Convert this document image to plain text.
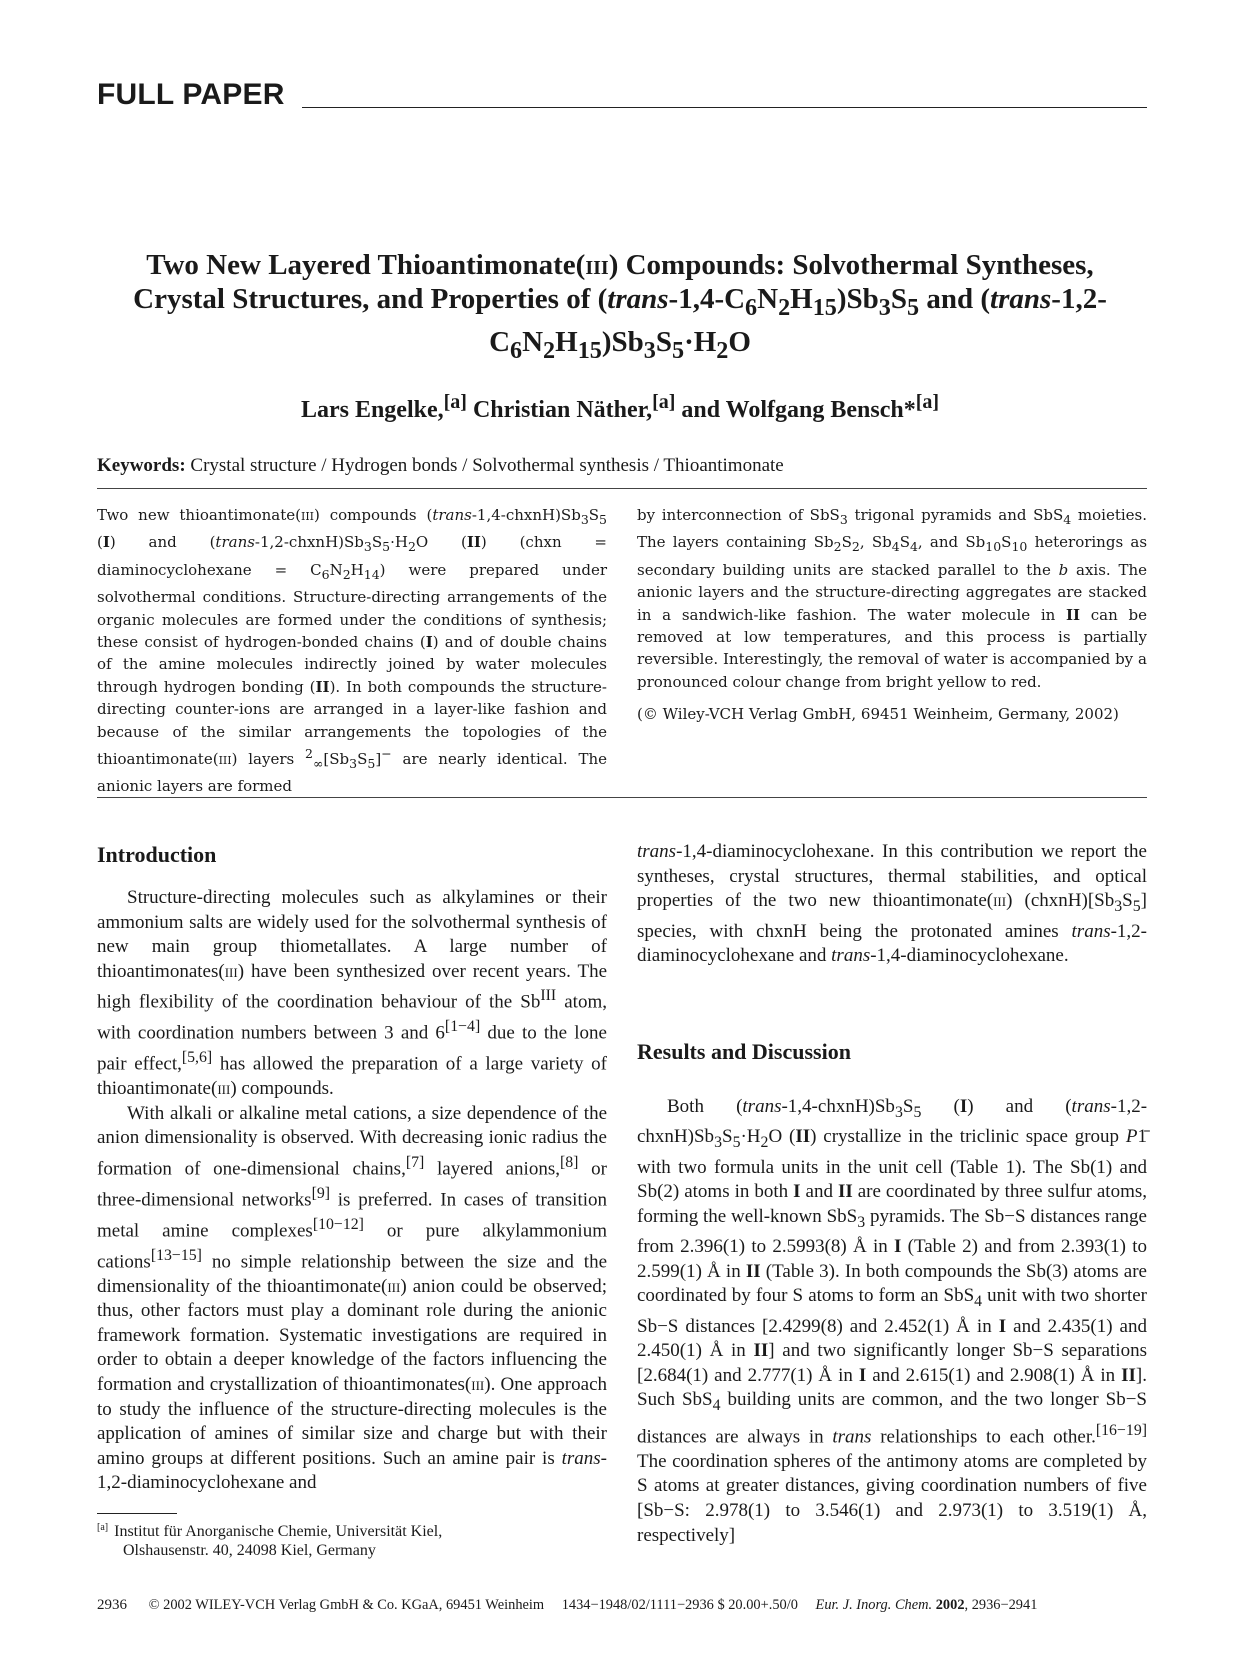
FULL PAPER
Two New Layered Thioantimonate(iii) Compounds: Solvothermal Syntheses,
Crystal Structures, and Properties of $(trans-1,4-C_6N_2H_{15})Sb_3S_5$ and (trans-1,2-
$C_6N_2H_{15})Sb_3S_5\cdot H_2O$
Lars Engelke,[a] Christian Näther,[a] and Wolfgang Bensch*[a]
Keywords: Crystal structure / Hydrogen bonds / Solvothermal synthesis / Thioantimonate

Two new thioantimonate(iii) compounds $(trans-1,4-chxnH)Sb_3S_5$ (I) and $(trans-1,2-chxnH)Sb_3S_5\cdot H_2O$ (II) (chxn = diaminocyclohexane = $C_6N_2H_{14}$) were prepared under solvothermal conditions. Structure-directing arrangements of the organic molecules are formed under the conditions of synthesis; these consist of hydrogen-bonded chains (I) and of double chains of the amine molecules indirectly joined by water molecules through hydrogen bonding (II). In both compounds the structure-directing counter-ions are arranged in a layer-like fashion and because of the similar arrangements the topologies of the thioantimonate(iii) layers $^2_\infty[Sb_3S_5]^-$ are nearly identical. The anionic layers are formed

by interconnection of SbS$_3$ trigonal pyramids and SbS$_4$ moieties. The layers containing $Sb_2S_2$, $Sb_4S_4$, and $Sb_{10}S_{10}$ heterorings as secondary building units are stacked parallel to the b axis. The anionic layers and the structure-directing aggregates are stacked in a sandwich-like fashion. The water molecule in II can be removed at low temperatures, and this process is partially reversible. Interestingly, the removal of water is accompanied by a pronounced colour change from bright yellow to red.

(© Wiley-VCH Verlag GmbH, 69451 Weinheim, Germany, 2002)

Introduction

Structure-directing molecules such as alkylamines or their ammonium salts are widely used for the solvothermal synthesis of new main group thiometallates. A large number of thioantimonates(iii) have been synthesized over recent years. The high flexibility of the coordination behaviour of the $Sb^{III}$ atom, with coordination numbers between 3 and 6[1−4] due to the lone pair effect,[5,6] has allowed the preparation of a large variety of thioantimonate(iii) compounds.

With alkali or alkaline metal cations, a size dependence of the anion dimensionality is observed. With decreasing ionic radius the formation of one-dimensional chains,[7] layered anions,[8] or three-dimensional networks[9] is preferred. In cases of transition metal amine complexes[10−12] or pure alkylammonium cations[13−15] no simple relationship between the size and the dimensionality of the thioantimonate(iii) anion could be observed; thus, other factors must play a dominant role during the anionic framework formation. Systematic investigations are required in order to obtain a deeper knowledge of the factors influencing the formation and crystallization of thioantimonates(iii). One approach to study the influence of the structure-directing molecules is the application of amines of similar size and charge but with their amino groups at different positions. Such an amine pair is trans-1,2-diaminocyclohexane and

trans-1,4-diaminocyclohexane. In this contribution we report the syntheses, crystal structures, thermal stabilities, and optical properties of the two new thioantimonate(iii) $(chxnH)[Sb_3S_5]$ species, with chxnH being the protonated amines trans-1,2-diaminocyclohexane and trans-1,4-diaminocyclohexane.

Results and Discussion

Both $(trans-1,4-chxnH)Sb_3S_5$ (I) and $(trans-1,2-chxnH)Sb_3S_5\cdot H_2O$ (II) crystallize in the triclinic space group P1̄ with two formula units in the unit cell (Table 1). The Sb(1) and Sb(2) atoms in both I and II are coordinated by three sulfur atoms, forming the well-known SbS$_3$ pyramids. The Sb−S distances range from 2.396(1) to 2.5993(8) Å in I (Table 2) and from 2.393(1) to 2.599(1) Å in II (Table 3). In both compounds the Sb(3) atoms are coordinated by four S atoms to form an SbS$_4$ unit with two shorter Sb−S distances [2.4299(8) and 2.452(1) Å in I and 2.435(1) and 2.450(1) Å in II] and two significantly longer Sb−S separations [2.684(1) and 2.777(1) Å in I and 2.615(1) and 2.908(1) Å in II]. Such SbS$_4$ building units are common, and the two longer Sb−S distances are always in trans relationships to each other.[16−19] The coordination spheres of the antimony atoms are completed by S atoms at greater distances, giving coordination numbers of five [Sb−S: 2.978(1) to 3.546(1) and 2.973(1) to 3.519(1) Å, respectively]

[a] Institut für Anorganische Chemie, Universität Kiel,
Olshausenstr. 40, 24098 Kiel, Germany
2936 © 2002 WILEY-VCH Verlag GmbH & Co. KGaA, 69451 Weinheim 1434−1948/02/1111−2936 $ 20.00+.50/0 Eur. J. Inorg. Chem. 2002, 2936−2941
